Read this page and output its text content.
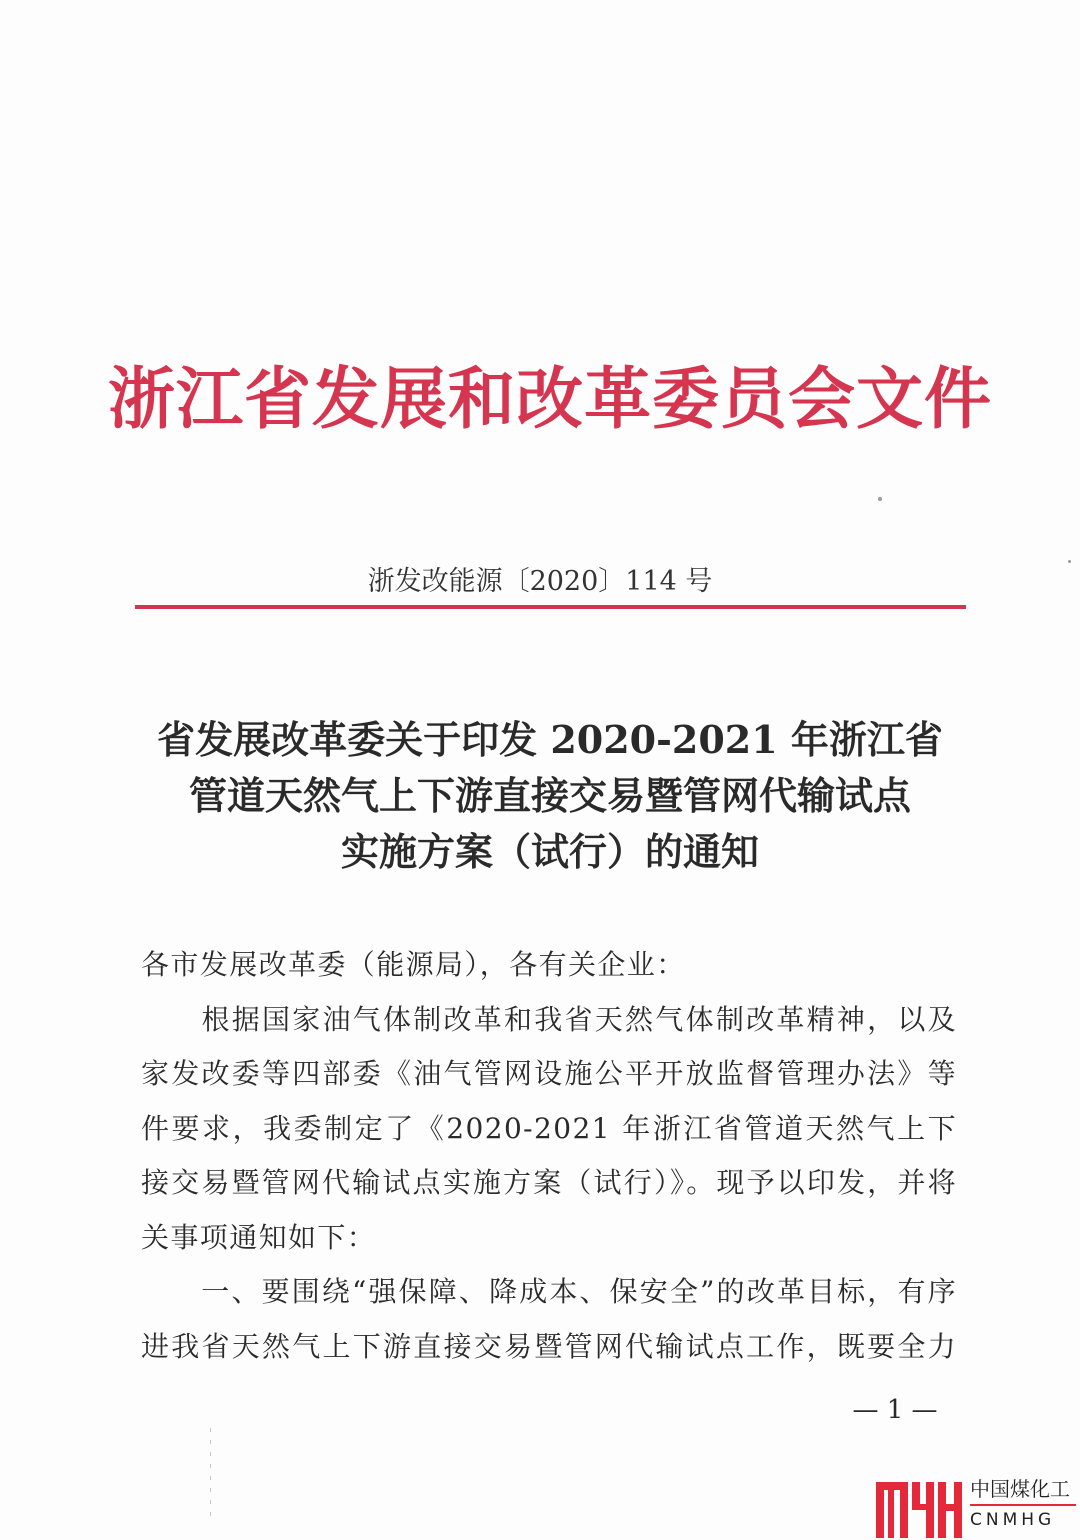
浙江省发展和改革委员会文件
浙发改能源〔2020〕114 号
省发展改革委关于印发 2020-2021 年浙江省
管道天然气上下游直接交易暨管网代输试点
实施方案（试行）的通知
各市发展改革委（能源局），各有关企业：
　　根据国家油气体制改革和我省天然气体制改革精神，以及
家发改委等四部委《油气管网设施公平开放监督管理办法》等
件要求，我委制定了《2020-2021 年浙江省管道天然气上下
接交易暨管网代输试点实施方案（试行）》。现予以印发，并将
关事项通知如下：
　　一、要围绕“强保障、降成本、保安全”的改革目标，有序
进我省天然气上下游直接交易暨管网代输试点工作，既要全力
— 1 —
中国煤化工
CNMHG
